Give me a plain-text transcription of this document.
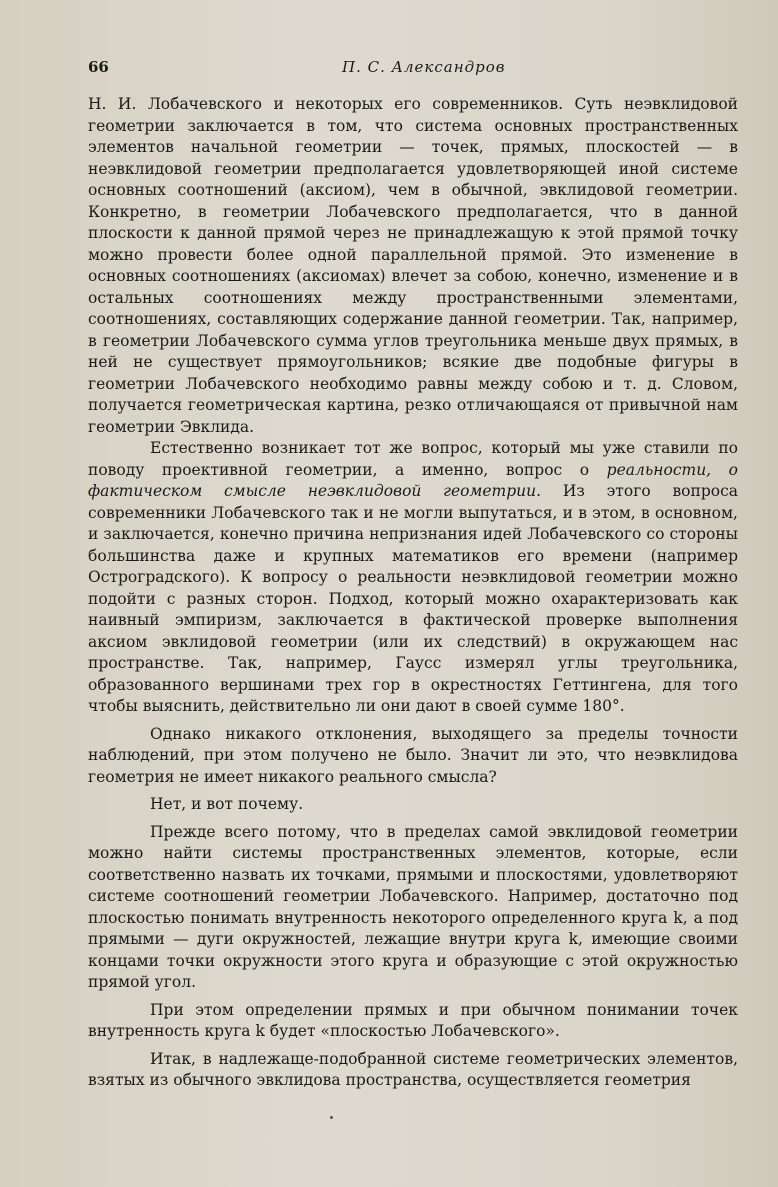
66	П. С. Александров

Н. И. Лобачевского и некоторых его современников. Суть неэвклидовой геометрии заключается в том, что система основных пространственных элементов начальной геометрии — точек, прямых, плоскостей — в неэвклидовой геометрии предполагается удовлетворяющей иной системе основных соотношений (аксиом), чем в обычной, эвклидовой геометрии. Конкретно, в геометрии Лобачевского предполагается, что в данной плоскости к данной прямой через не принадлежащую к этой прямой точку можно провести более одной параллельной прямой. Это изменение в основных соотношениях (аксиомах) влечет за собою, конечно, изменение и в остальных соотношениях между пространственными элементами, соотношениях, составляющих содержание данной геометрии. Так, например, в геометрии Лобачевского сумма углов треугольника меньше двух прямых, в ней не существует прямоугольников; всякие две подобные фигуры в геометрии Лобачевского необходимо равны между собою и т. д. Словом, получается геометрическая картина, резко отличающаяся от привычной нам геометрии Эвклида.

Естественно возникает тот же вопрос, который мы уже ставили по поводу проективной геометрии, а именно, вопрос о реальности, о фактическом смысле неэвклидовой геометрии. Из этого вопроса современники Лобачевского так и не могли выпутаться, и в этом, в основном, и заключается, конечно причина непризнания идей Лобачевского со стороны большинства даже и крупных математиков его времени (например Остроградского). К вопросу о реальности неэвклидовой геометрии можно подойти с разных сторон. Подход, который можно охарактеризовать как наивный эмпиризм, заключается в фактической проверке выполнения аксиом эвклидовой геометрии (или их следствий) в окружающем нас пространстве. Так, например, Гаусс измерял углы треугольника, образованного вершинами трех гор в окрестностях Геттингена, для того чтобы выяснить, действительно ли они дают в своей сумме 180°.

Однако никакого отклонения, выходящего за пределы точности наблюдений, при этом получено не было. Значит ли это, что неэвклидова геометрия не имеет никакого реального смысла?

Нет, и вот почему.

Прежде всего потому, что в пределах самой эвклидовой геометрии можно найти системы пространственных элементов, которые, если соответственно назвать их точками, прямыми и плоскостями, удовлетворяют системе соотношений геометрии Лобачевского. Например, достаточно под плоскостью понимать внутренность некоторого определенного круга k, а под прямыми — дуги окружностей, лежащие внутри круга k, имеющие своими концами точки окружности этого круга и образующие с этой окружностью прямой угол.

При этом определении прямых и при обычном понимании точек внутренность круга k будет «плоскостью Лобачевского».

Итак, в надлежаще-подобранной системе геометрических элементов, взятых из обычного эвклидова пространства, осуществляется геометрия
